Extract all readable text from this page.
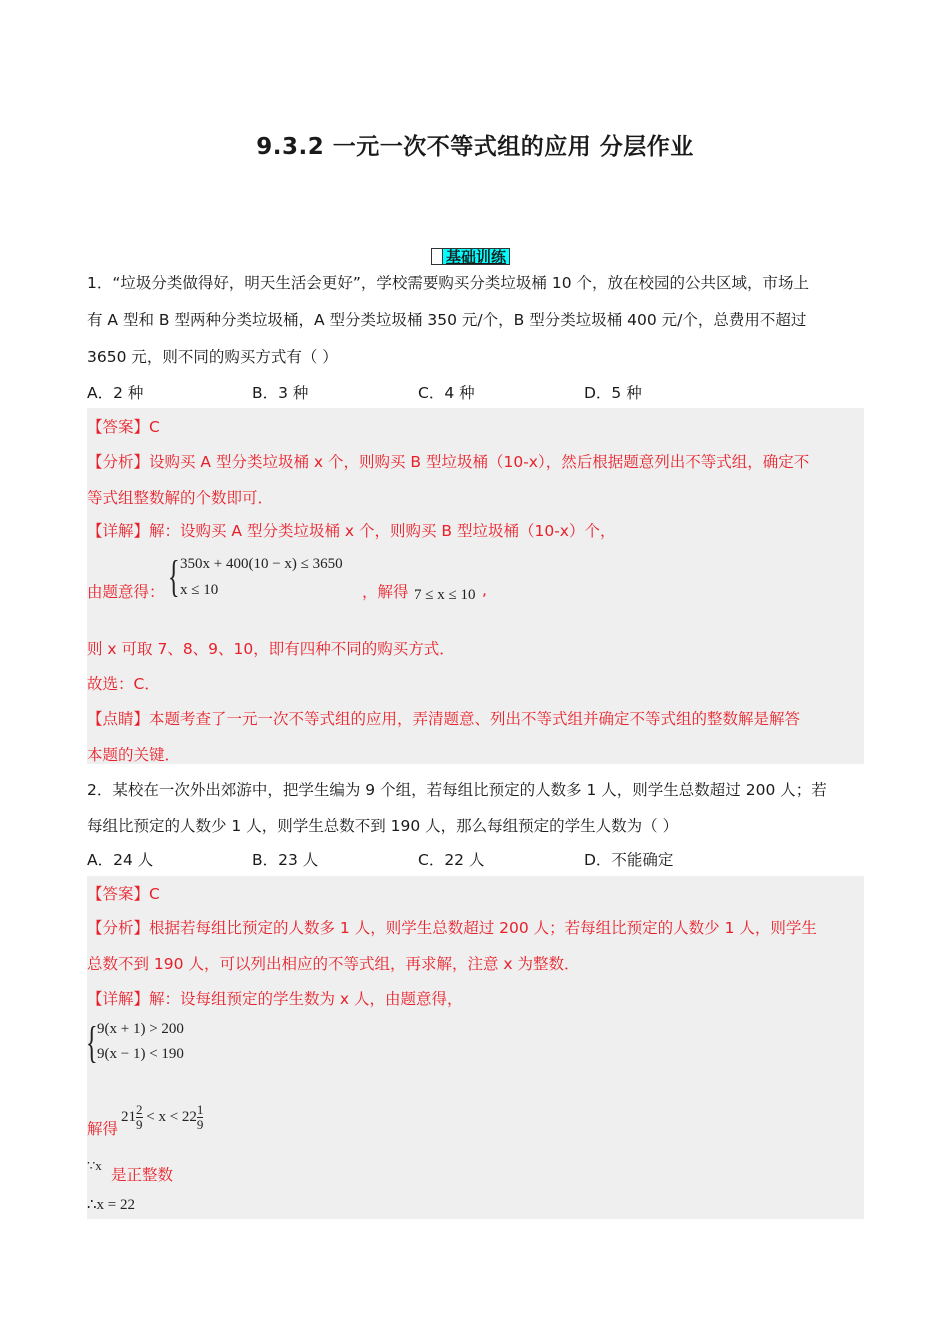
9.3.2 一元一次不等式组的应用 分层作业
基础训练
1．“垃圾分类做得好，明天生活会更好”，学校需要购买分类垃圾桶 10 个，放在校园的公共区域，市场上
有 A 型和 B 型两种分类垃圾桶，A 型分类垃圾桶 350 元/个，B 型分类垃圾桶 400 元/个，总费用不超过
3650 元，则不同的购买方式有（ ）
A．2 种	B．3 种	C．4 种	D．5 种
【答案】C
【分析】设购买 A 型分类垃圾桶 x 个，则购买 B 型垃圾桶（10-x），然后根据题意列出不等式组，确定不
等式组整数解的个数即可．
【详解】解：设购买 A 型分类垃圾桶 x 个，则购买 B 型垃圾桶（10-x）个，
由题意得： { 350x + 400(10 − x) ≤ 3650
x ≤ 10	，解得 7 ≤ x ≤ 10 ,
则 x 可取 7、8、9、10，即有四种不同的购买方式．
故选：C．
【点睛】本题考查了一元一次不等式组的应用，弄清题意、列出不等式组并确定不等式组的整数解是解答
本题的关键．
2．某校在一次外出郊游中，把学生编为 9 个组，若每组比预定的人数多 1 人，则学生总数超过 200 人；若
每组比预定的人数少 1 人，则学生总数不到 190 人，那么每组预定的学生人数为（ ）
A．24 人	B．23 人	C．22 人	D．不能确定
【答案】C
【分析】根据若每组比预定的人数多 1 人，则学生总数超过 200 人；若每组比预定的人数少 1 人，则学生
总数不到 190 人，可以列出相应的不等式组，再求解，注意 x 为整数．
【详解】解：设每组预定的学生数为 x 人，由题意得，
{ 9(x + 1) > 200
9(x − 1) < 190
解得
$21 \frac{2}{9} < x < 22 \frac{1}{9}$
∵x
是正整数
∴x = 22
